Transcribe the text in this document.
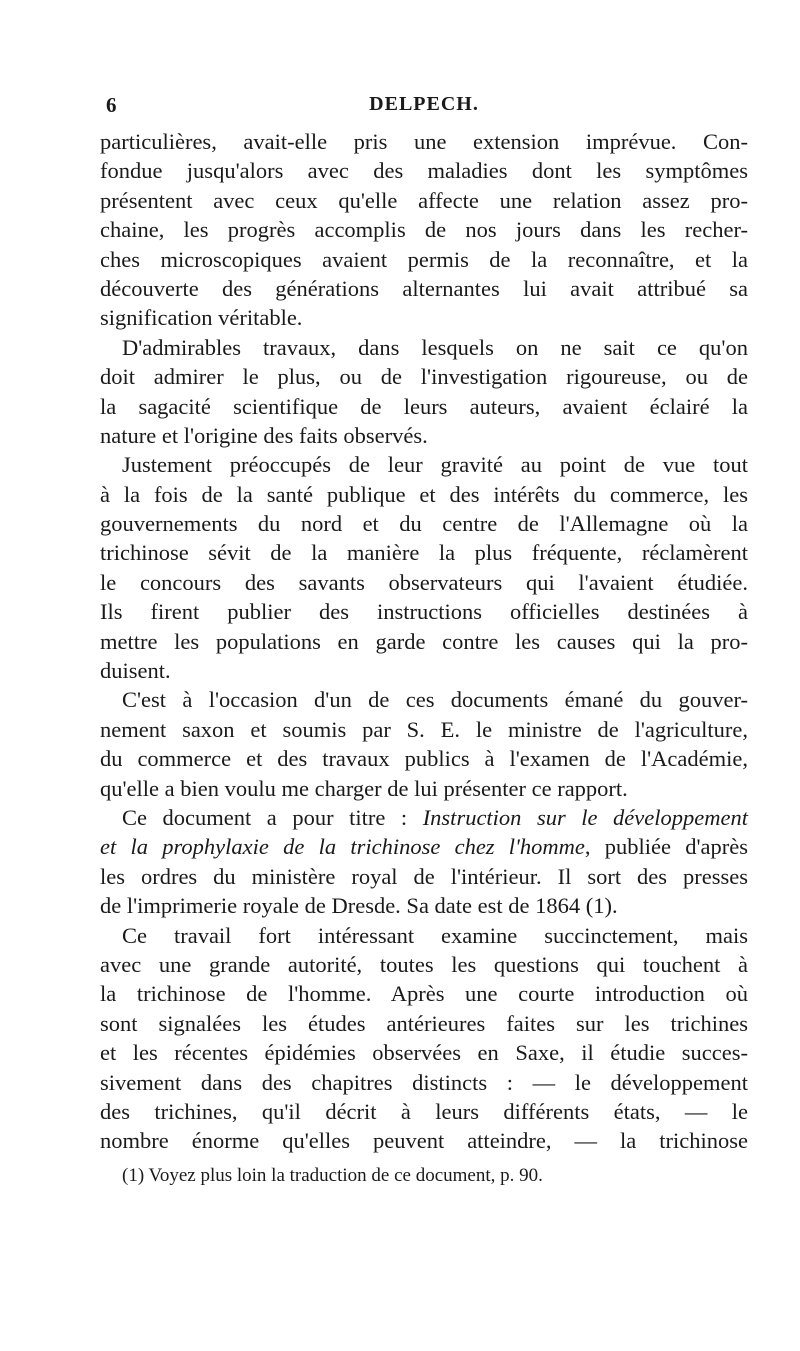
6	DELPECH.
particulières, avait-elle pris une extension imprévue. Con-
fondue jusqu'alors avec des maladies dont les symptômes
présentent avec ceux qu'elle affecte une relation assez pro-
chaine, les progrès accomplis de nos jours dans les recher-
ches microscopiques avaient permis de la reconnaître, et la
découverte des générations alternantes lui avait attribué sa
signification véritable.
D'admirables travaux, dans lesquels on ne sait ce qu'on
doit admirer le plus, ou de l'investigation rigoureuse, ou de
la sagacité scientifique de leurs auteurs, avaient éclairé la
nature et l'origine des faits observés.
Justement préoccupés de leur gravité au point de vue tout
à la fois de la santé publique et des intérêts du commerce, les
gouvernements du nord et du centre de l'Allemagne où la
trichinose sévit de la manière la plus fréquente, réclamèrent
le concours des savants observateurs qui l'avaient étudiée.
Ils firent publier des instructions officielles destinées à
mettre les populations en garde contre les causes qui la pro-
duisent.
C'est à l'occasion d'un de ces documents émané du gouver-
nement saxon et soumis par S. E. le ministre de l'agriculture,
du commerce et des travaux publics à l'examen de l'Académie,
qu'elle a bien voulu me charger de lui présenter ce rapport.
Ce document a pour titre : Instruction sur le développement
et la prophylaxie de la trichinose chez l'homme, publiée d'après
les ordres du ministère royal de l'intérieur. Il sort des presses
de l'imprimerie royale de Dresde. Sa date est de 1864 (1).
Ce travail fort intéressant examine succinctement, mais
avec une grande autorité, toutes les questions qui touchent à
la trichinose de l'homme. Après une courte introduction où
sont signalées les études antérieures faites sur les trichines
et les récentes épidémies observées en Saxe, il étudie succes-
sivement dans des chapitres distincts : — le développement
des trichines, qu'il décrit à leurs différents états, — le
nombre énorme qu'elles peuvent atteindre, — la trichinose
(1) Voyez plus loin la traduction de ce document, p. 90.
